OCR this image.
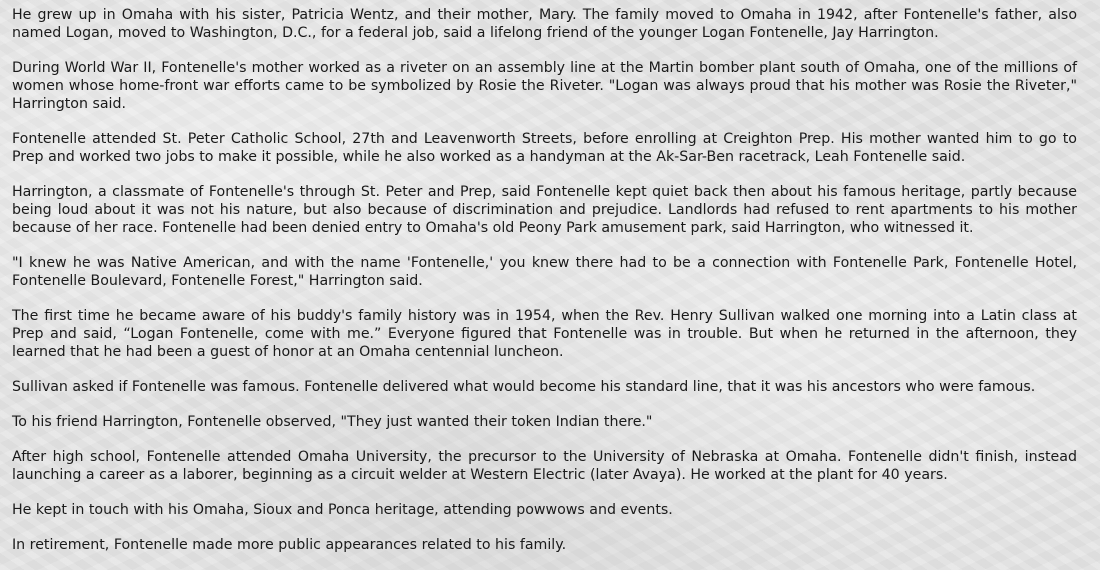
He grew up in Omaha with his sister, Patricia Wentz, and their mother, Mary. The family moved to Omaha in 1942, after Fontenelle's father, also named Logan, moved to Washington, D.C., for a federal job, said a lifelong friend of the younger Logan Fontenelle, Jay Harrington.

During World War II, Fontenelle's mother worked as a riveter on an assembly line at the Martin bomber plant south of Omaha, one of the millions of women whose home-front war efforts came to be symbolized by Rosie the Riveter. "Logan was always proud that his mother was Rosie the Riveter," Harrington said.

Fontenelle attended St. Peter Catholic School, 27th and Leavenworth Streets, before enrolling at Creighton Prep. His mother wanted him to go to Prep and worked two jobs to make it possible, while he also worked as a handyman at the Ak-Sar-Ben racetrack, Leah Fontenelle said.

Harrington, a classmate of Fontenelle's through St. Peter and Prep, said Fontenelle kept quiet back then about his famous heritage, partly because being loud about it was not his nature, but also because of discrimination and prejudice. Landlords had refused to rent apartments to his mother because of her race. Fontenelle had been denied entry to Omaha's old Peony Park amusement park, said Harrington, who witnessed it.

"I knew he was Native American, and with the name 'Fontenelle,' you knew there had to be a connection with Fontenelle Park, Fontenelle Hotel, Fontenelle Boulevard, Fontenelle Forest," Harrington said.

The first time he became aware of his buddy's family history was in 1954, when the Rev. Henry Sullivan walked one morning into a Latin class at Prep and said, “Logan Fontenelle, come with me.” Everyone figured that Fontenelle was in trouble. But when he returned in the afternoon, they learned that he had been a guest of honor at an Omaha centennial luncheon.

Sullivan asked if Fontenelle was famous. Fontenelle delivered what would become his standard line, that it was his ancestors who were famous.

To his friend Harrington, Fontenelle observed, "They just wanted their token Indian there."

After high school, Fontenelle attended Omaha University, the precursor to the University of Nebraska at Omaha. Fontenelle didn't finish, instead launching a career as a laborer, beginning as a circuit welder at Western Electric (later Avaya). He worked at the plant for 40 years.

He kept in touch with his Omaha, Sioux and Ponca heritage, attending powwows and events.

In retirement, Fontenelle made more public appearances related to his family.
